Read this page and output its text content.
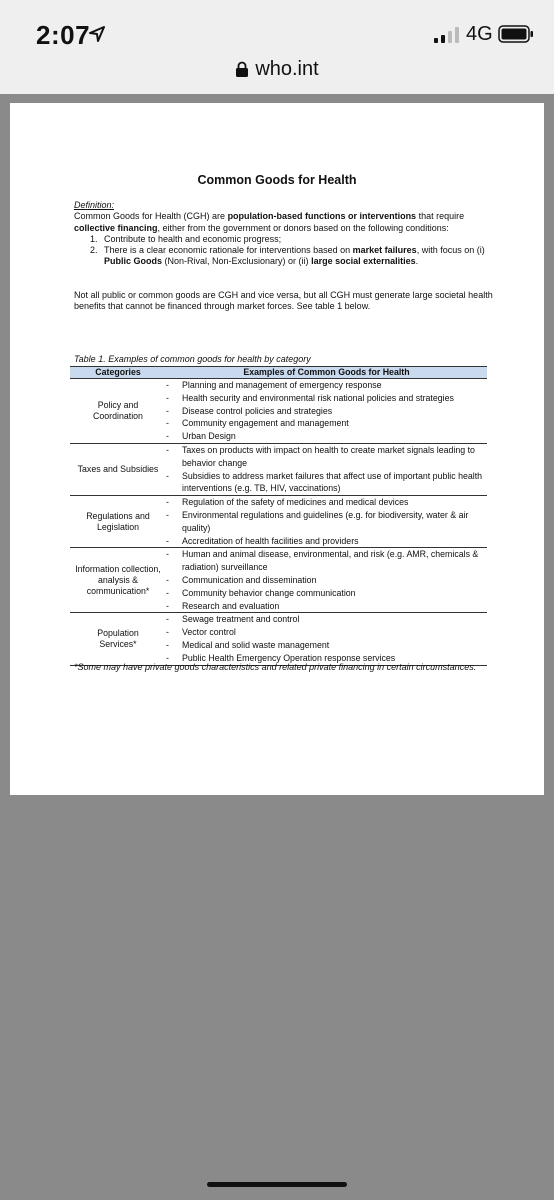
2:07	4G
who.int
Common Goods for Health
Definition:
Common Goods for Health (CGH) are population-based functions or interventions that require collective financing, either from the government or donors based on the following conditions:
1. Contribute to health and economic progress;
2. There is a clear economic rationale for interventions based on market failures, with focus on (i) Public Goods (Non-Rival, Non-Exclusionary) or (ii) large social externalities.
Not all public or common goods are CGH and vice versa, but all CGH must generate large societal health benefits that cannot be financed through market forces. See table 1 below.
Table 1. Examples of common goods for health by category
Categories	Examples of Common Goods for Health
Policy and Coordination
- Planning and management of emergency response
- Health security and environmental risk national policies and strategies
- Disease control policies and strategies
- Community engagement and management
- Urban Design
Taxes and Subsidies
- Taxes on products with impact on health to create market signals leading to behavior change
- Subsidies to address market failures that affect use of important public health interventions (e.g. TB, HIV, vaccinations)
Regulations and Legislation
- Regulation of the safety of medicines and medical devices
- Environmental regulations and guidelines (e.g. for biodiversity, water & air quality)
- Accreditation of health facilities and providers
Information collection, analysis & communication*
- Human and animal disease, environmental, and risk (e.g. AMR, chemicals & radiation) surveillance
- Communication and dissemination
- Community behavior change communication
- Research and evaluation
Population Services*
- Sewage treatment and control
- Vector control
- Medical and solid waste management
- Public Health Emergency Operation response services
*Some may have private goods characteristics and related private financing in certain circumstances.
